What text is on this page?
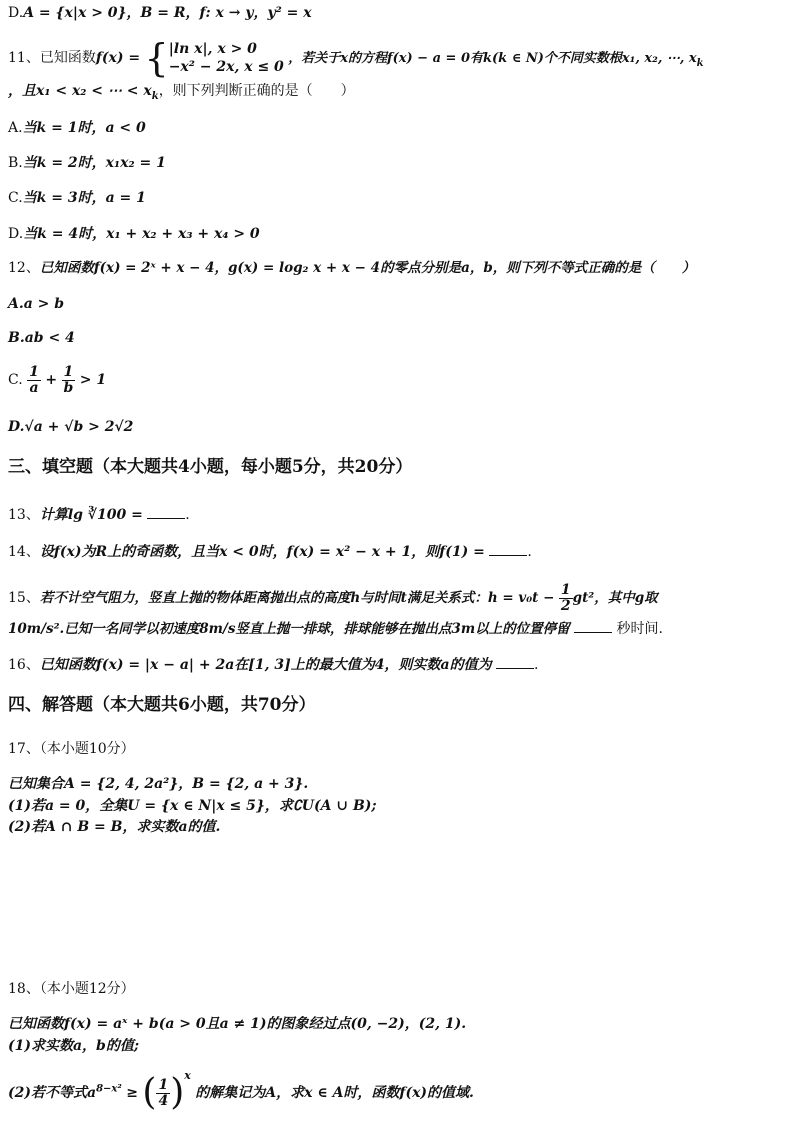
D.A = {x|x > 0}，B = R，f: x → y，y² = x
11、已知函数f(x) = { |ln x|, x > 0
−x² − 2x, x ≤ 0
，若关于x的方程f(x) − a = 0有k(k ∈ N)个不同实数根x₁, x₂, ⋯, $x_k$
，且x₁ < x₂ < ⋯ < $x_k$，则下列判断正确的是（　　）
A.当k = 1时，a < 0
B.当k = 2时，x₁x₂ = 1
C.当k = 3时，a = 1
D.当k = 4时，x₁ + x₂ + x₃ + x₄ > 0
12、已知函数f(x) = 2ˣ + x − 4，g(x) = log₂ x + x − 4的零点分别是a，b，则下列不等式正确的是（　　）
A.a > b
B.ab < 4
C. $\frac{1}{a} + \frac{1}{b} > 1$
D.√a + √b > 2√2
三、填空题（本大题共4小题，每小题5分，共20分）
13、计算lg ∛100 =	.
14、设f(x)为R上的奇函数，且当x < 0时，f(x) = x² − x + 1，则f(1) =	.
15、若不计空气阻力，竖直上抛的物体距离抛出点的高度h与时间t满足关系式：$h = v_0t - \frac{1}{2} gt^2$，其中g取
10m/s².已知一名同学以初速度8m/s竖直上抛一排球，排球能够在抛出点3m以上的位置停留	秒时间.
16、已知函数f(x) = |x − a| + 2a在[1, 3]上的最大值为4，则实数a的值为	.
四、解答题（本大题共6小题，共70分）
17、（本小题10分）
已知集合A = {2, 4, 2a²}，B = {2, a + 3}.
(1)若a = 0，全集U = {x ∈ N|x ≤ 5}，求∁U(A ∪ B);
(2)若A ∩ B = B，求实数a的值.
18、（本小题12分）
已知函数f(x) = aˣ + b(a > 0且a ≠ 1)的图象经过点(0, −2)，(2, 1).
(1)求实数a，b的值;
(2)若不等式$a^{8-x^2}$ ≥ ( $\frac{1}{4} )^x$ 的解集记为A，求x ∈ A时，函数f(x)的值域.
